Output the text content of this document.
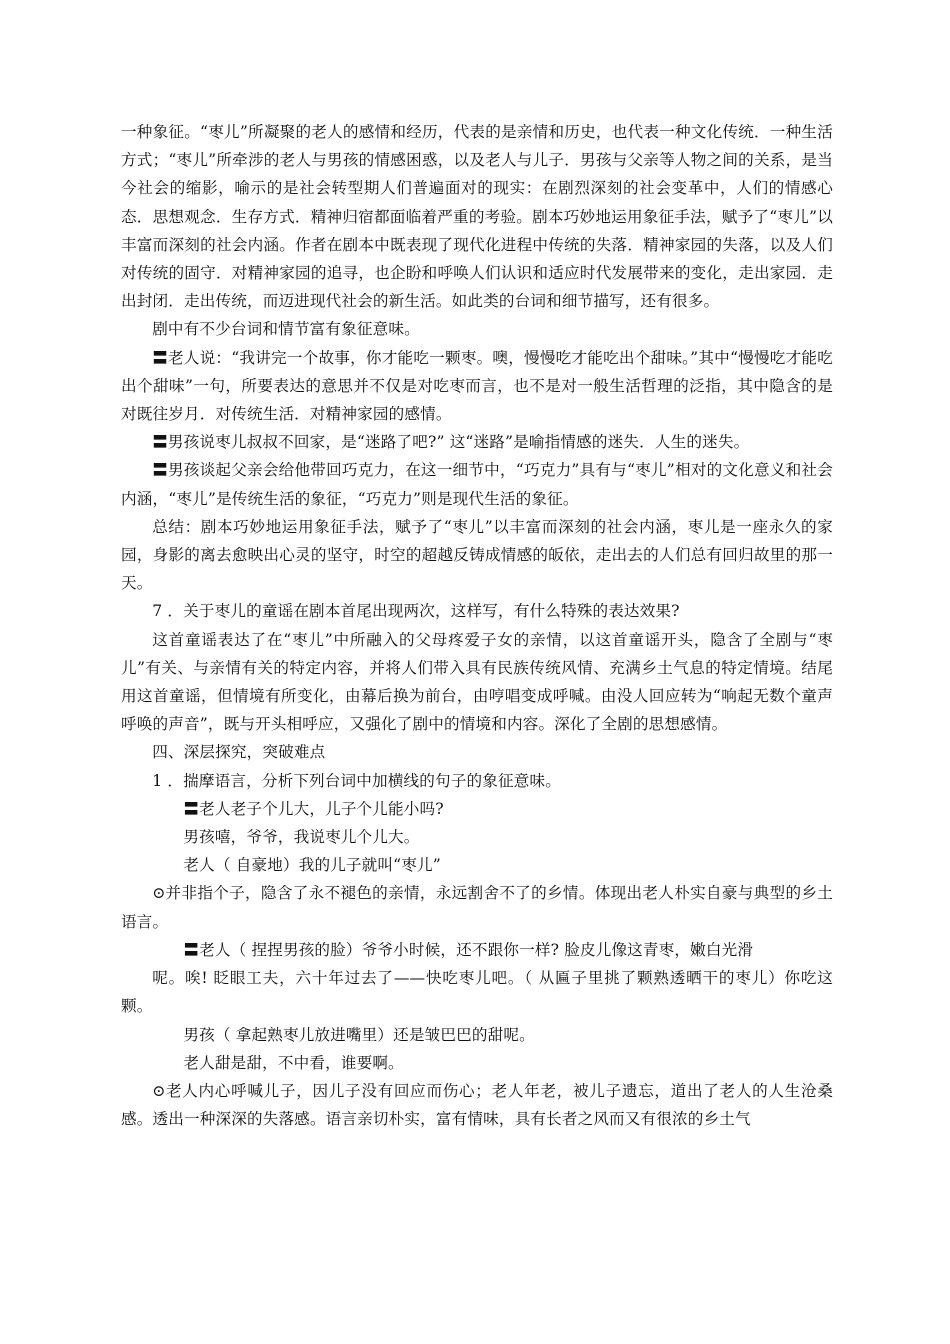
一种象征。“枣儿”所凝聚的老人的感情和经历，代表的是亲情和历史，也代表一种文化传统．一种生活方式；“枣儿”所牵涉的老人与男孩的情感困惑，以及老人与儿子．男孩与父亲等人物之间的关系，是当今社会的缩影，喻示的是社会转型期人们普遍面对的现实：在剧烈深刻的社会变革中，人们的情感心态．思想观念．生存方式．精神归宿都面临着严重的考验。剧本巧妙地运用象征手法，赋予了“枣儿”以丰富而深刻的社会内涵。作者在剧本中既表现了现代化进程中传统的失落．精神家园的失落，以及人们对传统的固守．对精神家园的追寻，也企盼和呼唤人们认识和适应时代发展带来的变化，走出家园．走出封闭．走出传统，而迈进现代社会的新生活。如此类的台词和细节描写，还有很多。

剧中有不少台词和情节富有象征意味。

〓老人说：“我讲完一个故事，你才能吃一颗枣。噢，慢慢吃才能吃出个甜味。”其中“慢慢吃才能吃出个甜味”一句，所要表达的意思并不仅是对吃枣而言，也不是对一般生活哲理的泛指，其中隐含的是对既往岁月．对传统生活．对精神家园的感情。

〓男孩说枣儿叔叔不回家，是“迷路了吧?” 这“迷路”是喻指情感的迷失．人生的迷失。

〓男孩谈起父亲会给他带回巧克力，在这一细节中，“巧克力”具有与“枣儿”相对的文化意义和社会内涵，“枣儿”是传统生活的象征，“巧克力”则是现代生活的象征。

总结：剧本巧妙地运用象征手法，赋予了“枣儿”以丰富而深刻的社会内涵，枣儿是一座永久的家园，身影的离去愈映出心灵的坚守，时空的超越反铸成情感的皈依，走出去的人们总有回归故里的那一天。

7 ．关于枣儿的童谣在剧本首尾出现两次，这样写，有什么特殊的表达效果?

这首童谣表达了在“枣儿”中所融入的父母疼爱子女的亲情，以这首童谣开头，隐含了全剧与“枣儿”有关、与亲情有关的特定内容，并将人们带入具有民族传统风情、充满乡土气息的特定情境。结尾用这首童谣，但情境有所变化，由幕后换为前台，由哼唱变成呼喊。由没人回应转为“响起无数个童声呼唤的声音”，既与开头相呼应，又强化了剧中的情境和内容。深化了全剧的思想感情。

四、深层探究，突破难点

1 ．揣摩语言，分析下列台词中加横线的句子的象征意味。

〓老人老子个儿大，儿子个儿能小吗?

男孩嘻，爷爷，我说枣儿个儿大。

老人（ 自豪地）我的儿子就叫“枣儿”

⊙并非指个子，隐含了永不褪色的亲情，永远割舍不了的乡情。体现出老人朴实自豪与典型的乡土语言。

〓老人（ 捏捏男孩的脸）爷爷小时候，还不跟你一样? 脸皮儿像这青枣，嫩白光滑

呢。唉! 眨眼工夫，六十年过去了——快吃枣儿吧。（ 从匾子里挑了颗熟透晒干的枣儿）你吃这颗。

男孩（ 拿起熟枣儿放进嘴里）还是皱巴巴的甜呢。

老人甜是甜，不中看，谁要啊。

⊙老人内心呼喊儿子，因儿子没有回应而伤心；老人年老，被儿子遗忘，道出了老人的人生沧桑感。透出一种深深的失落感。语言亲切朴实，富有情味，具有长者之风而又有很浓的乡土气
